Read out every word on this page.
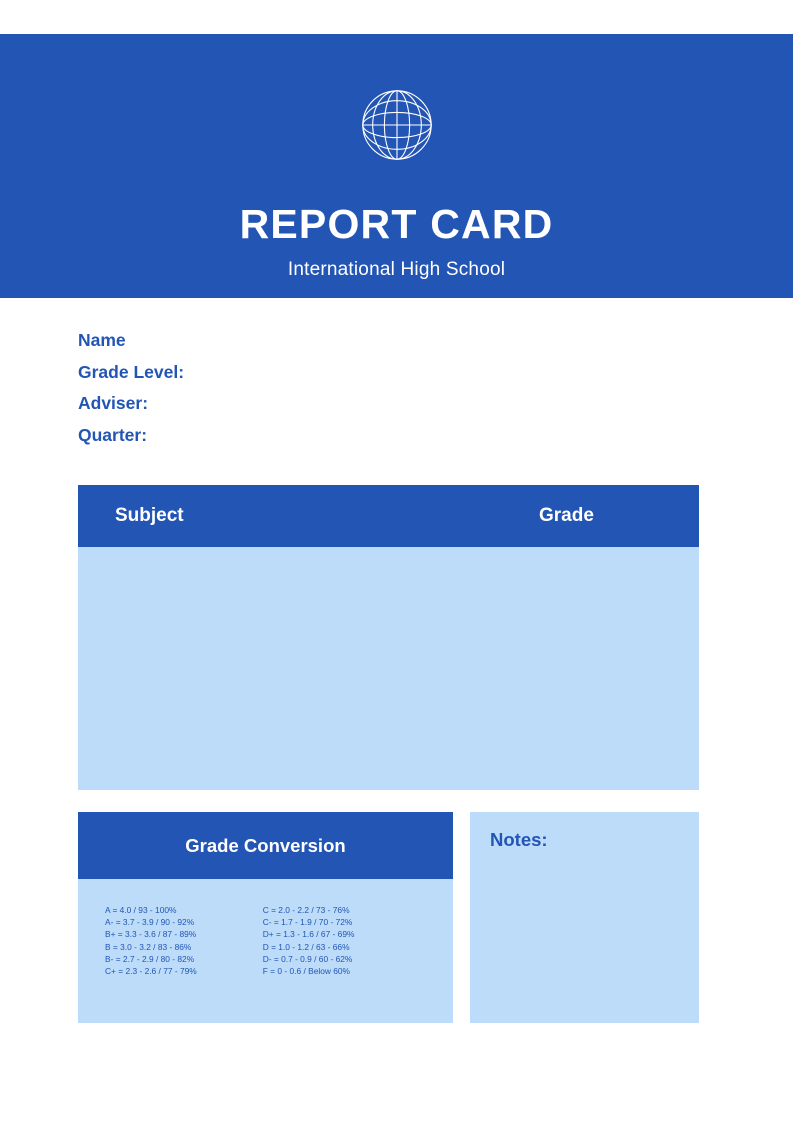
REPORT CARD
International High School
Name
Grade Level:
Adviser:
Quarter:
Subject	Grade
Grade Conversion
A = 4.0 / 93 - 100%
A- = 3.7 - 3.9 / 90 - 92%
B+ = 3.3 - 3.6 / 87 - 89%
B = 3.0 - 3.2 / 83 - 86%
B- = 2.7 - 2.9 / 80 - 82%
C+ = 2.3 - 2.6 / 77 - 79%
C = 2.0 - 2.2 / 73 - 76%
C- = 1.7 - 1.9 / 70 - 72%
D+ = 1.3 - 1.6 / 67 - 69%
D = 1.0 - 1.2 / 63 - 66%
D- = 0.7 - 0.9 / 60 - 62%
F = 0 - 0.6 / Below 60%
Notes:
